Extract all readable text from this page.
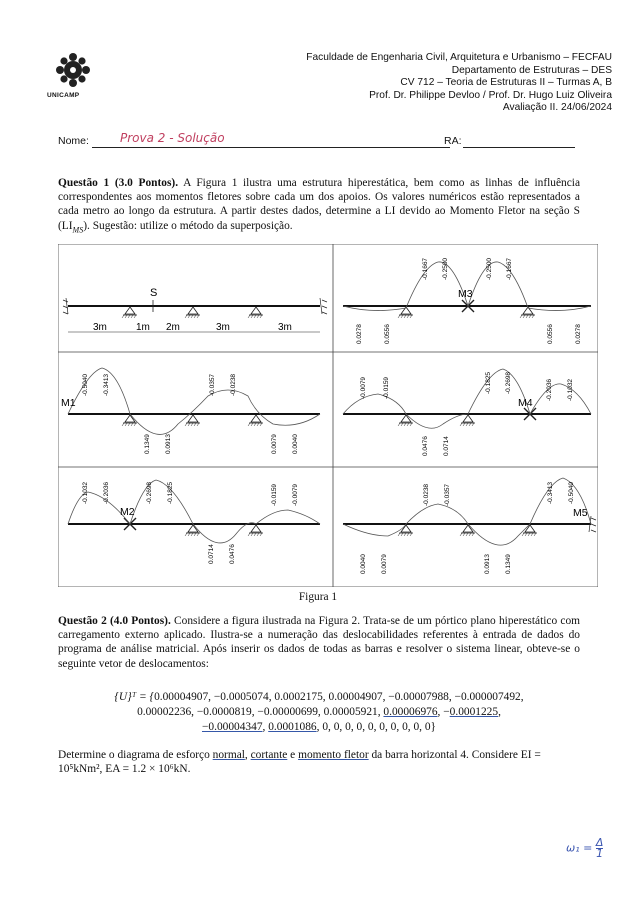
UNICAMP
Faculdade de Engenharia Civil, Arquitetura e Urbanismo – FECFAU
Departamento de Estruturas – DES
CV 712 – Teoria de Estruturas II – Turmas A, B
Prof. Dr. Philippe Devloo / Prof. Dr. Hugo Luiz Oliveira
Avaliação II. 24/06/2024
Nome:	Prova 2 - Solução	RA:
Questão 1 (3.0 Pontos). A Figura 1 ilustra uma estrutura hiperestática, bem como as linhas de influência correspondentes aos momentos fletores sobre cada um dos apoios. Os valores numéricos estão representados a cada metro ao longo da estrutura. A partir destes dados, determine a LI devido ao Momento Fletor na seção S $(LI_{MS})$. Sugestão: utilize o método da superposição.
S
3m	1m 2m	3m	3m
M3
-0.1667 -0.2500	-0.2500 -0.1667
0.0278	0.0556	0.0556	0.0278
M1
-0.5040 -0.3413	-0.0357 -0.0238
0.1349 0.0913	0.0079 0.0040
M4
-0.0079 -0.0159	-0.1825 -0.2698	-0.2036 -0.1032
0.0476 0.0714
M2
-0.1032 -0.2036	-0.2698 -0.1825	-0.0159 -0.0079
0.0714 0.0476
M5
-0.0238 -0.0357	-0.3413 -0.5040
0.0040 0.0079	0.0913 0.1349
Figura 1
Questão 2 (4.0 Pontos). Considere a figura ilustrada na Figura 2. Trata-se de um pórtico plano hiperestático com carregamento externo aplicado. Ilustra-se a numeração das deslocabilidades referentes à entrada de dados do programa de análise matricial. Após inserir os dados de todas as barras e resolver o sistema linear, obteve-se o seguinte vetor de deslocamentos:
{U}ᵀ = {0.00004907, −0.0005074, 0.0002175, 0.00004907, −0.00007988, −0.000007492,
0.00002236, −0.0000819, −0.00000699, 0.00005921, 0.00006976, −0.0001225,
−0.00004347, 0.0001086, 0, 0, 0, 0, 0, 0, 0, 0, 0, 0}
Determine o diagrama de esforço normal, cortante e momento fletor da barra horizontal 4. Considere EI =
10⁵kNm², EA = 1.2 × 10⁶kN.
$\omega_1 = \frac{\Delta}{1}$
